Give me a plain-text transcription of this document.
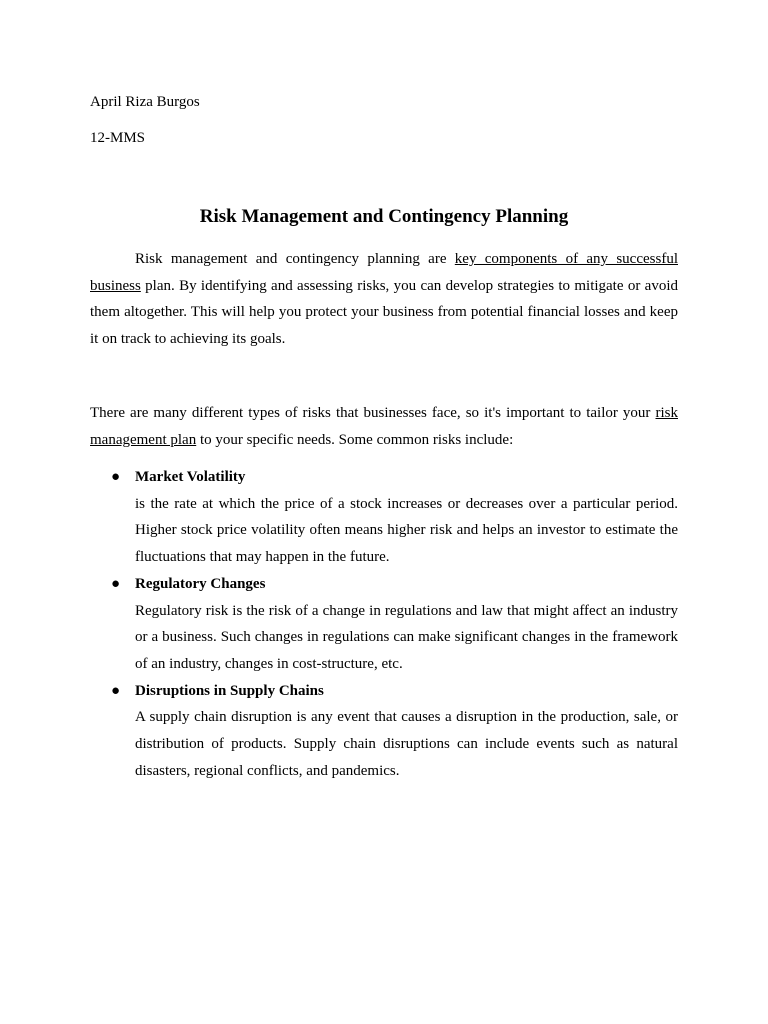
April Riza Burgos

12-MMS

Risk Management and Contingency Planning

Risk management and contingency planning are key components of any successful business plan. By identifying and assessing risks, you can develop strategies to mitigate or avoid them altogether. This will help you protect your business from potential financial losses and keep it on track to achieving its goals.

There are many different types of risks that businesses face, so it's important to tailor your risk management plan to your specific needs. Some common risks include:

● Market Volatility
is the rate at which the price of a stock increases or decreases over a particular period. Higher stock price volatility often means higher risk and helps an investor to estimate the fluctuations that may happen in the future.
● Regulatory Changes
Regulatory risk is the risk of a change in regulations and law that might affect an industry or a business. Such changes in regulations can make significant changes in the framework of an industry, changes in cost-structure, etc.
● Disruptions in Supply Chains
A supply chain disruption is any event that causes a disruption in the production, sale, or distribution of products. Supply chain disruptions can include events such as natural disasters, regional conflicts, and pandemics.
